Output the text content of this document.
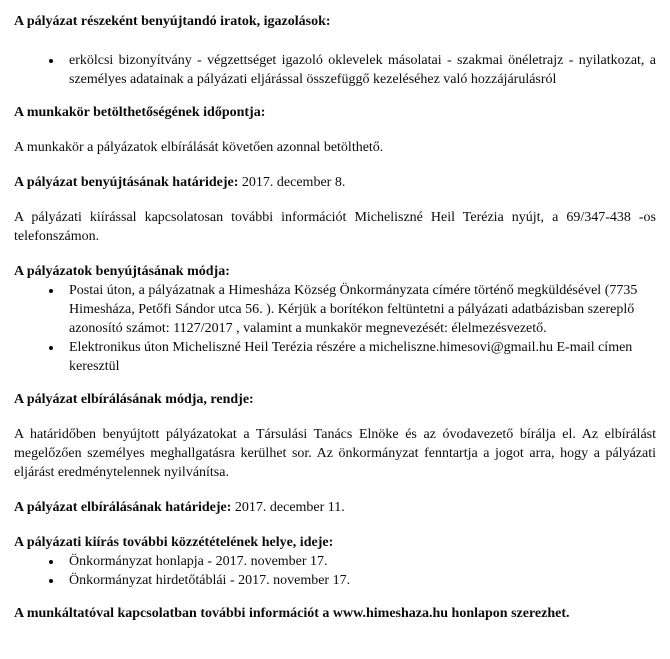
A pályázat részeként benyújtandó iratok, igazolások:

• erkölcsi bizonyítvány - végzettséget igazoló oklevelek másolatai - szakmai önéletrajz - nyilatkozat, a személyes adatainak a pályázati eljárással összefüggő kezeléséhez való hozzájárulásról

A munkakör betölthetőségének időpontja:

A munkakör a pályázatok elbírálását követően azonnal betölthető.

A pályázat benyújtásának határideje: 2017. december 8.

A pályázati kiírással kapcsolatosan további információt Micheliszné Heil Terézia nyújt, a 69/347-438 -os telefonszámon.

A pályázatok benyújtásának módja:

• Postai úton, a pályázatnak a Himesháza Község Önkormányzata címére történő megküldésével (7735 Himesháza, Petőfi Sándor utca 56. ). Kérjük a borítékon feltüntetni a pályázati adatbázisban szereplő azonosító számot: 1127/2017 , valamint a munkakör megnevezését: élelmezésvezető.
• Elektronikus úton Micheliszné Heil Terézia részére a micheliszne.himesovi@gmail.hu E-mail címen keresztül

A pályázat elbírálásának módja, rendje:

A határidőben benyújtott pályázatokat a Társulási Tanács Elnöke és az óvodavezető bírálja el. Az elbírálást megelőzően személyes meghallgatásra kerülhet sor. Az önkormányzat fenntartja a jogot arra, hogy a pályázati eljárást eredménytelennek nyilvánítsa.

A pályázat elbírálásának határideje: 2017. december 11.

A pályázati kiírás további közzétételének helye, ideje:

• Önkormányzat honlapja - 2017. november 17.
• Önkormányzat hirdetőtáblái - 2017. november 17.

A munkáltatóval kapcsolatban további információt a www.himeshaza.hu honlapon szerezhet.
